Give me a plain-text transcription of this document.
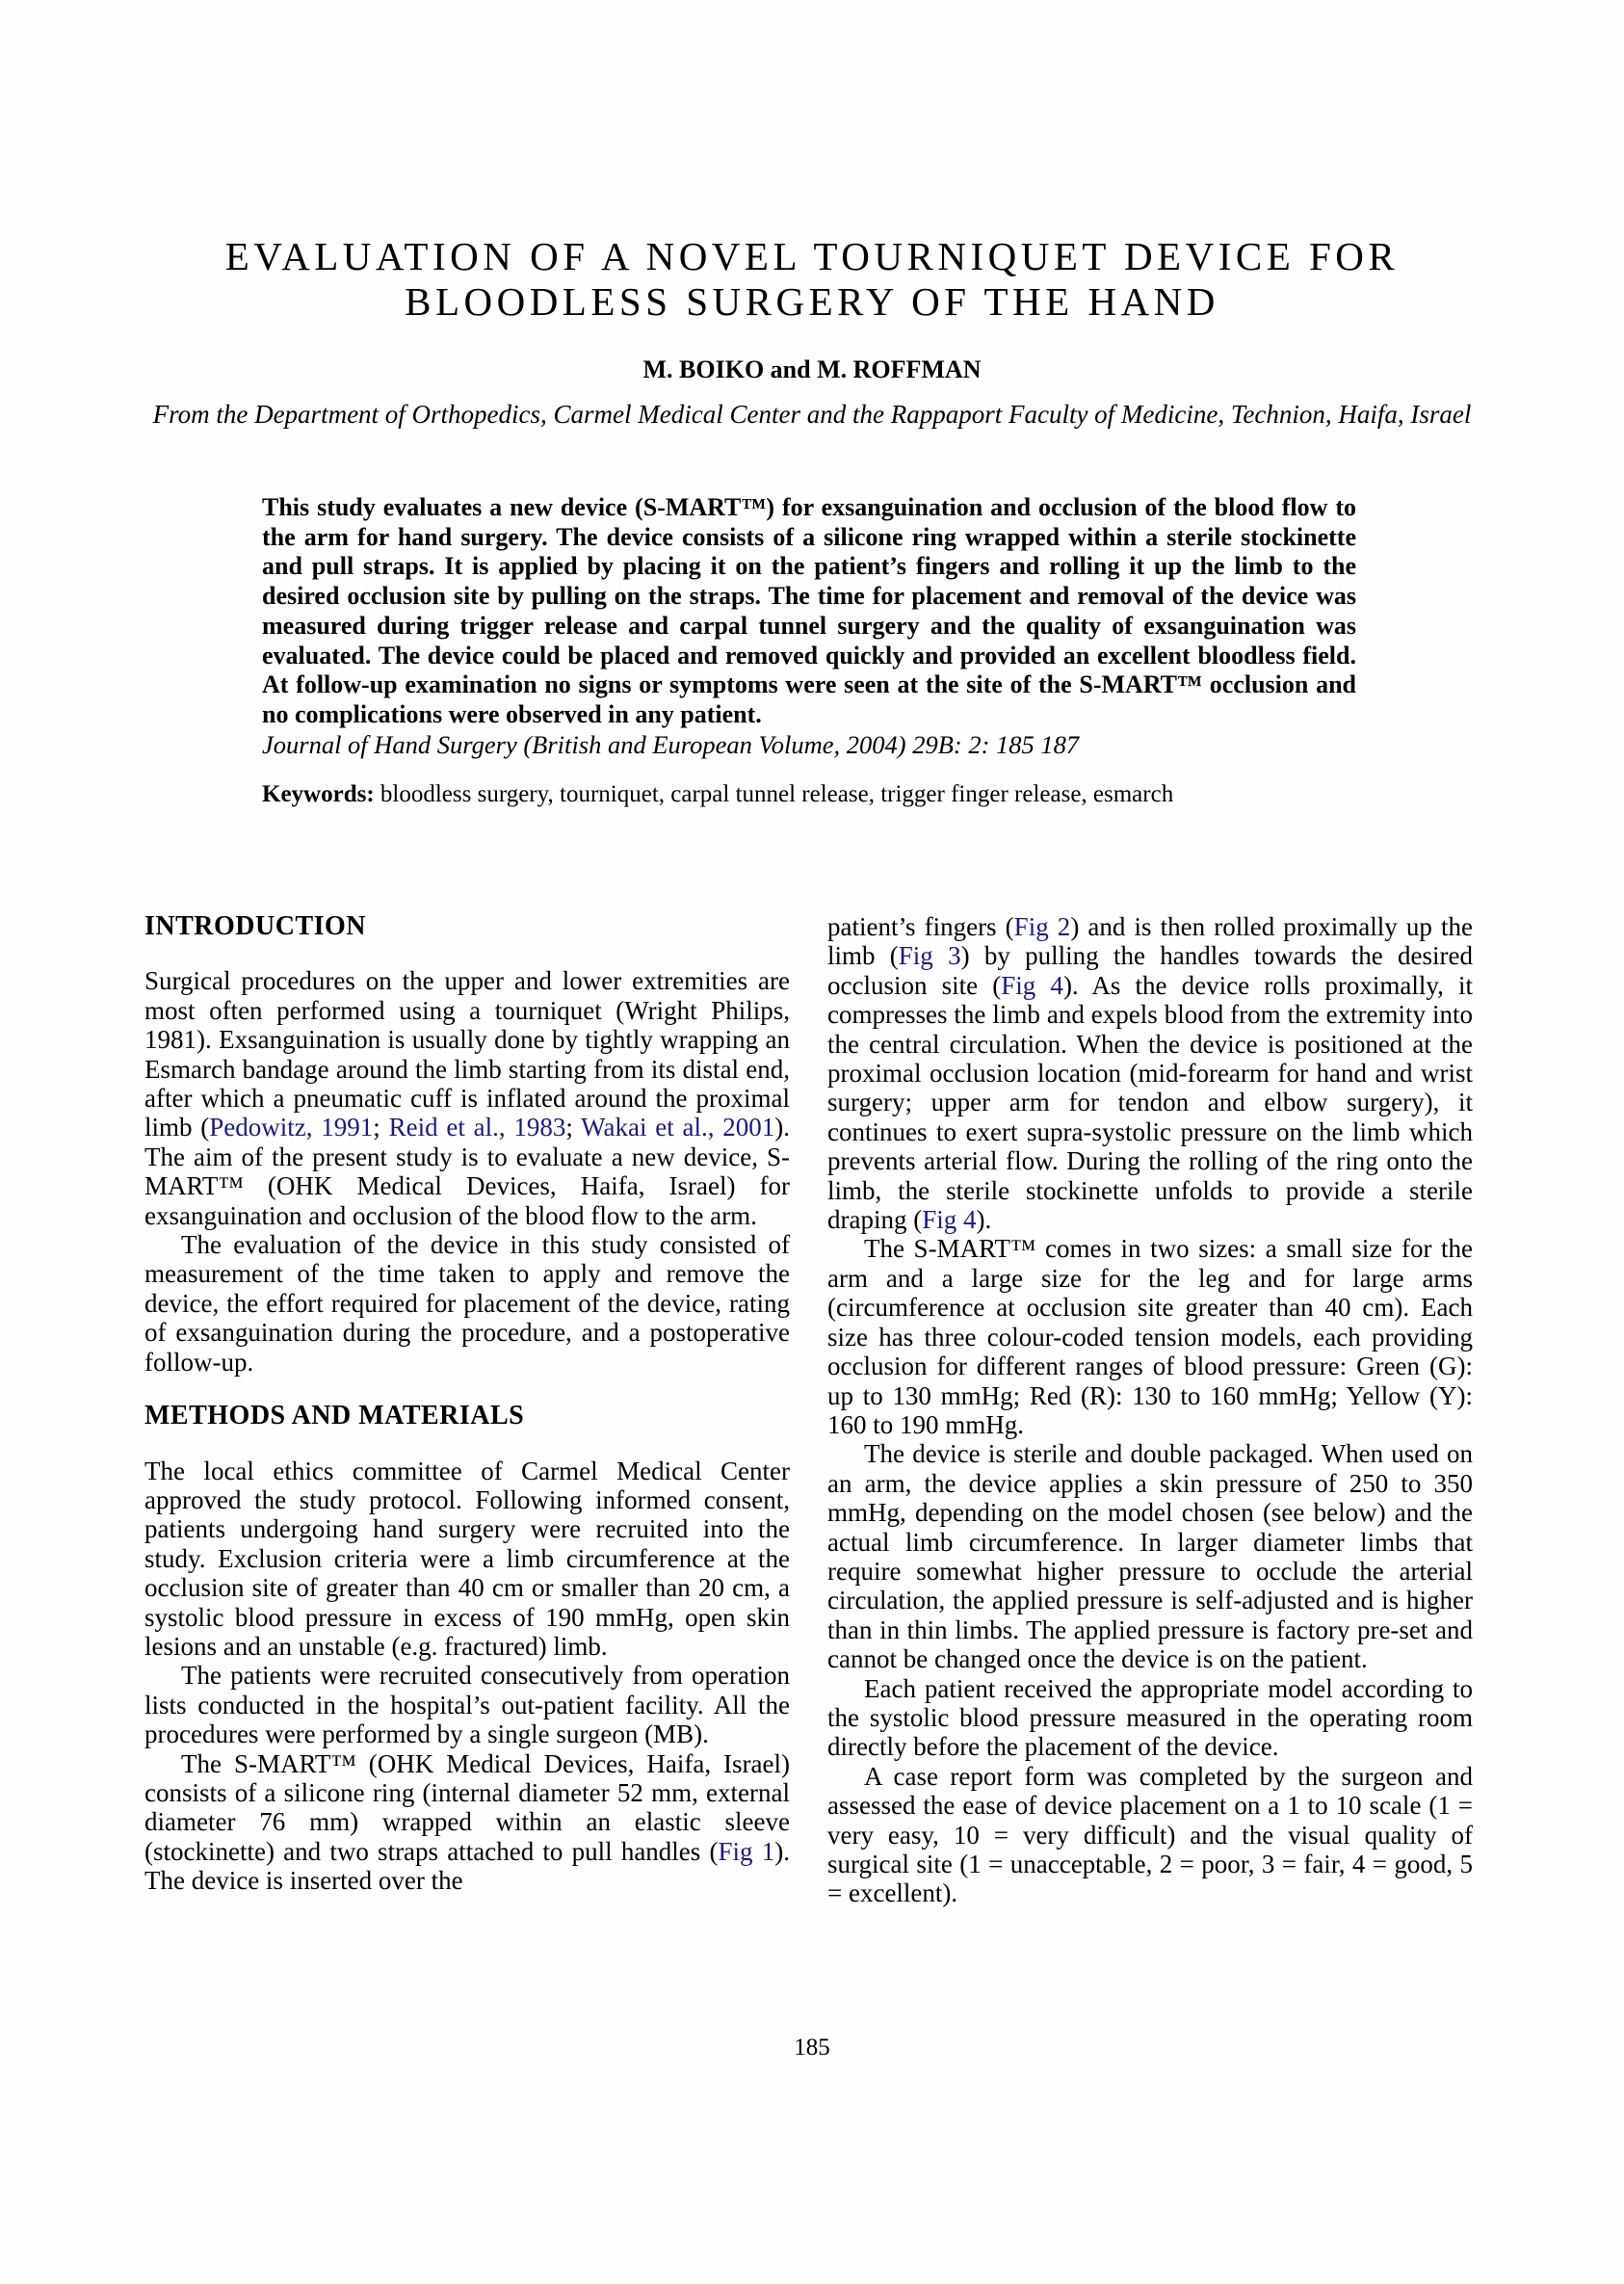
EVALUATION OF A NOVEL TOURNIQUET DEVICE FOR
BLOODLESS SURGERY OF THE HAND
M. BOIKO and M. ROFFMAN
From the Department of Orthopedics, Carmel Medical Center and the Rappaport Faculty of Medicine, Technion, Haifa, Israel

This study evaluates a new device (S-MART™) for exsanguination and occlusion of the blood flow to the arm for hand surgery. The device consists of a silicone ring wrapped within a sterile stockinette and pull straps. It is applied by placing it on the patient’s fingers and rolling it up the limb to the desired occlusion site by pulling on the straps. The time for placement and removal of the device was measured during trigger release and carpal tunnel surgery and the quality of exsanguination was evaluated. The device could be placed and removed quickly and provided an excellent bloodless field. At follow-up examination no signs or symptoms were seen at the site of the S-MART™ occlusion and no complications were observed in any patient.

Journal of Hand Surgery (British and European Volume, 2004) 29B: 2: 185 187

Keywords: bloodless surgery, tourniquet, carpal tunnel release, trigger finger release, esmarch
INTRODUCTION

Surgical procedures on the upper and lower extremities are most often performed using a tourniquet (Wright Philips, 1981). Exsanguination is usually done by tightly wrapping an Esmarch bandage around the limb starting from its distal end, after which a pneumatic cuff is inflated around the proximal limb (Pedowitz, 1991; Reid et al., 1983; Wakai et al., 2001). The aim of the present study is to evaluate a new device, S-MART™ (OHK Medical Devices, Haifa, Israel) for exsanguination and occlusion of the blood flow to the arm.

The evaluation of the device in this study consisted of measurement of the time taken to apply and remove the device, the effort required for placement of the device, rating of exsanguination during the procedure, and a postoperative follow-up.

METHODS AND MATERIALS

The local ethics committee of Carmel Medical Center approved the study protocol. Following informed consent, patients undergoing hand surgery were recruited into the study. Exclusion criteria were a limb circumference at the occlusion site of greater than 40 cm or smaller than 20 cm, a systolic blood pressure in excess of 190 mmHg, open skin lesions and an unstable (e.g. fractured) limb.

The patients were recruited consecutively from operation lists conducted in the hospital’s out-patient facility. All the procedures were performed by a single surgeon (MB).

The S-MART™ (OHK Medical Devices, Haifa, Israel) consists of a silicone ring (internal diameter 52 mm, external diameter 76 mm) wrapped within an elastic sleeve (stockinette) and two straps attached to pull handles (Fig 1). The device is inserted over the

patient’s fingers (Fig 2) and is then rolled proximally up the limb (Fig 3) by pulling the handles towards the desired occlusion site (Fig 4). As the device rolls proximally, it compresses the limb and expels blood from the extremity into the central circulation. When the device is positioned at the proximal occlusion location (mid-forearm for hand and wrist surgery; upper arm for tendon and elbow surgery), it continues to exert supra-systolic pressure on the limb which prevents arterial flow. During the rolling of the ring onto the limb, the sterile stockinette unfolds to provide a sterile draping (Fig 4).

The S-MART™ comes in two sizes: a small size for the arm and a large size for the leg and for large arms (circumference at occlusion site greater than 40 cm). Each size has three colour-coded tension models, each providing occlusion for different ranges of blood pressure: Green (G): up to 130 mmHg; Red (R): 130 to 160 mmHg; Yellow (Y): 160 to 190 mmHg.

The device is sterile and double packaged. When used on an arm, the device applies a skin pressure of 250 to 350 mmHg, depending on the model chosen (see below) and the actual limb circumference. In larger diameter limbs that require somewhat higher pressure to occlude the arterial circulation, the applied pressure is self-adjusted and is higher than in thin limbs. The applied pressure is factory pre-set and cannot be changed once the device is on the patient.

Each patient received the appropriate model according to the systolic blood pressure measured in the operating room directly before the placement of the device.

A case report form was completed by the surgeon and assessed the ease of device placement on a 1 to 10 scale (1 = very easy, 10 = very difficult) and the visual quality of surgical site (1 = unacceptable, 2 = poor, 3 = fair, 4 = good, 5 = excellent).

185
